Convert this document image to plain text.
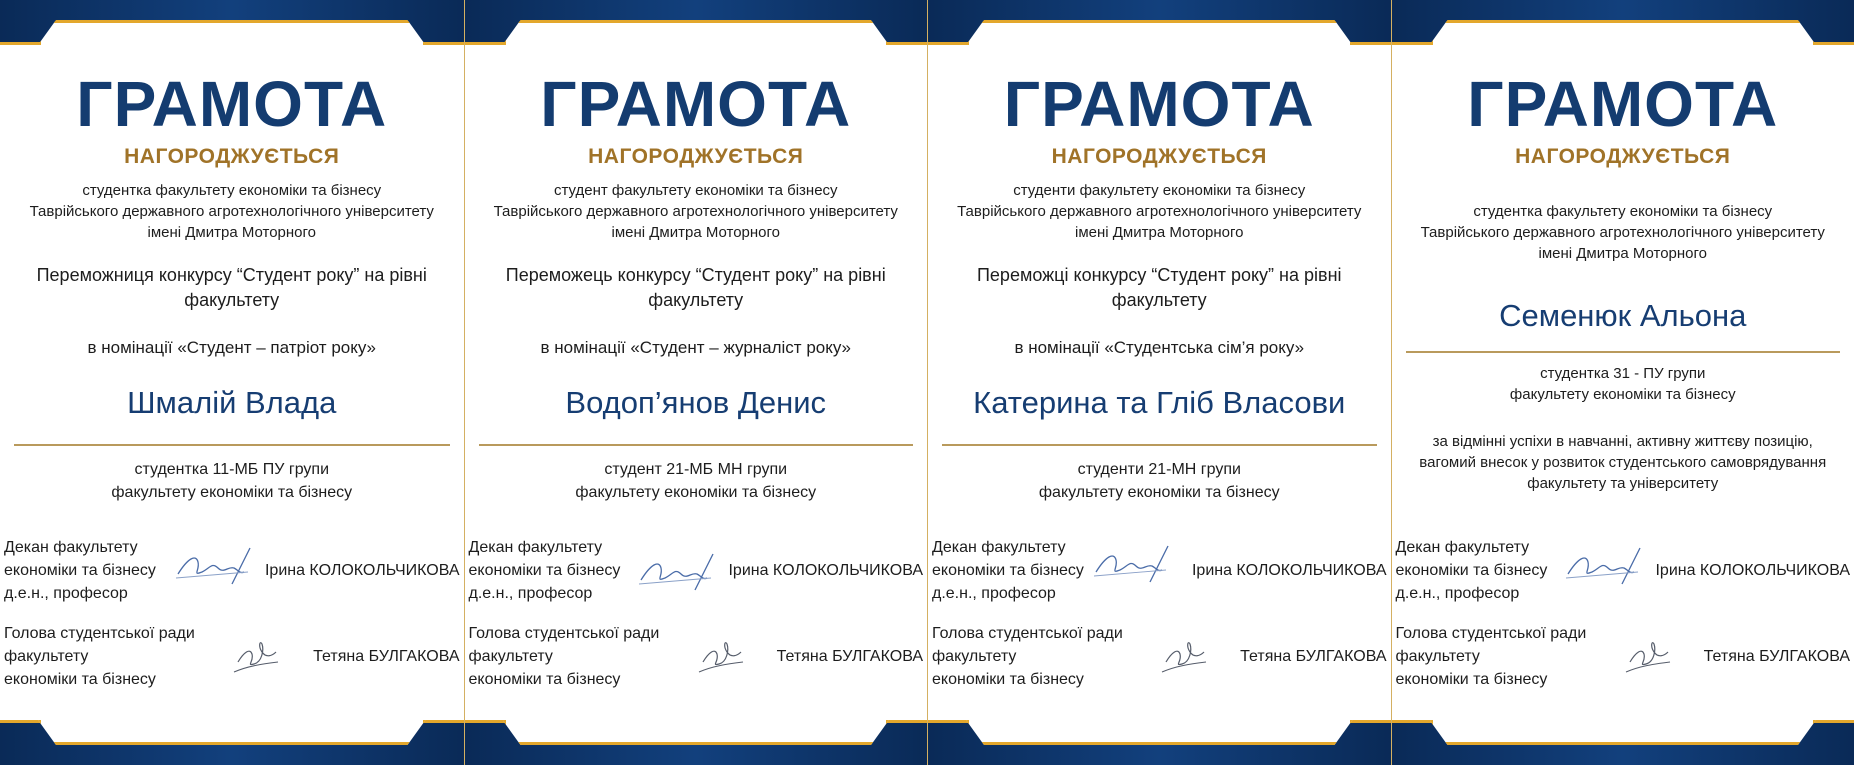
ГРАМОТА
НАГОРОДЖУЄТЬСЯ
студентка факультету економіки та бізнесу
Таврійського державного агротехнологічного університету
імені Дмитра Моторного
Переможниця конкурсу “Студент року” на рівні
факультету
в номінації «Студент – патріот року»
Шмалій Влада
студентка 11-МБ ПУ групи
факультету економіки та бізнесу
Декан факультету
економіки та бізнесу
д.е.н., професор
Ірина КОЛОКОЛЬЧИКОВА
Голова студентської ради
факультету
економіки та бізнесу
Тетяна БУЛГАКОВА
ГРАМОТА
НАГОРОДЖУЄТЬСЯ
студент факультету економіки та бізнесу
Таврійського державного агротехнологічного університету
імені Дмитра Моторного
Переможець конкурсу “Студент року” на рівні
факультету
в номінації «Студент – журналіст року»
Водоп’янов Денис
студент 21-МБ МН групи
факультету економіки та бізнесу
Декан факультету
економіки та бізнесу
д.е.н., професор
Ірина КОЛОКОЛЬЧИКОВА
Голова студентської ради
факультету
економіки та бізнесу
Тетяна БУЛГАКОВА
ГРАМОТА
НАГОРОДЖУЄТЬСЯ
студенти факультету економіки та бізнесу
Таврійського державного агротехнологічного університету
імені Дмитра Моторного
Переможці конкурсу “Студент року” на рівні
факультету
в номінації «Студентська сім’я року»
Катерина та Гліб Власови
студенти 21-МН групи
факультету економіки та бізнесу
Декан факультету
економіки та бізнесу
д.е.н., професор
Ірина КОЛОКОЛЬЧИКОВА
Голова студентської ради
факультету
економіки та бізнесу
Тетяна БУЛГАКОВА
ГРАМОТА
НАГОРОДЖУЄТЬСЯ
студентка факультету економіки та бізнесу
Таврійського державного агротехнологічного університету
імені Дмитра Моторного
Семенюк Альона
студентка 31 - ПУ групи
факультету економіки та бізнесу
за відмінні успіхи в навчанні, активну життєву позицію,
вагомий внесок у розвиток студентського самоврядування
факультету та університету
Декан факультету
економіки та бізнесу
д.е.н., професор
Ірина КОЛОКОЛЬЧИКОВА
Голова студентської ради
факультету
економіки та бізнесу
Тетяна БУЛГАКОВА
